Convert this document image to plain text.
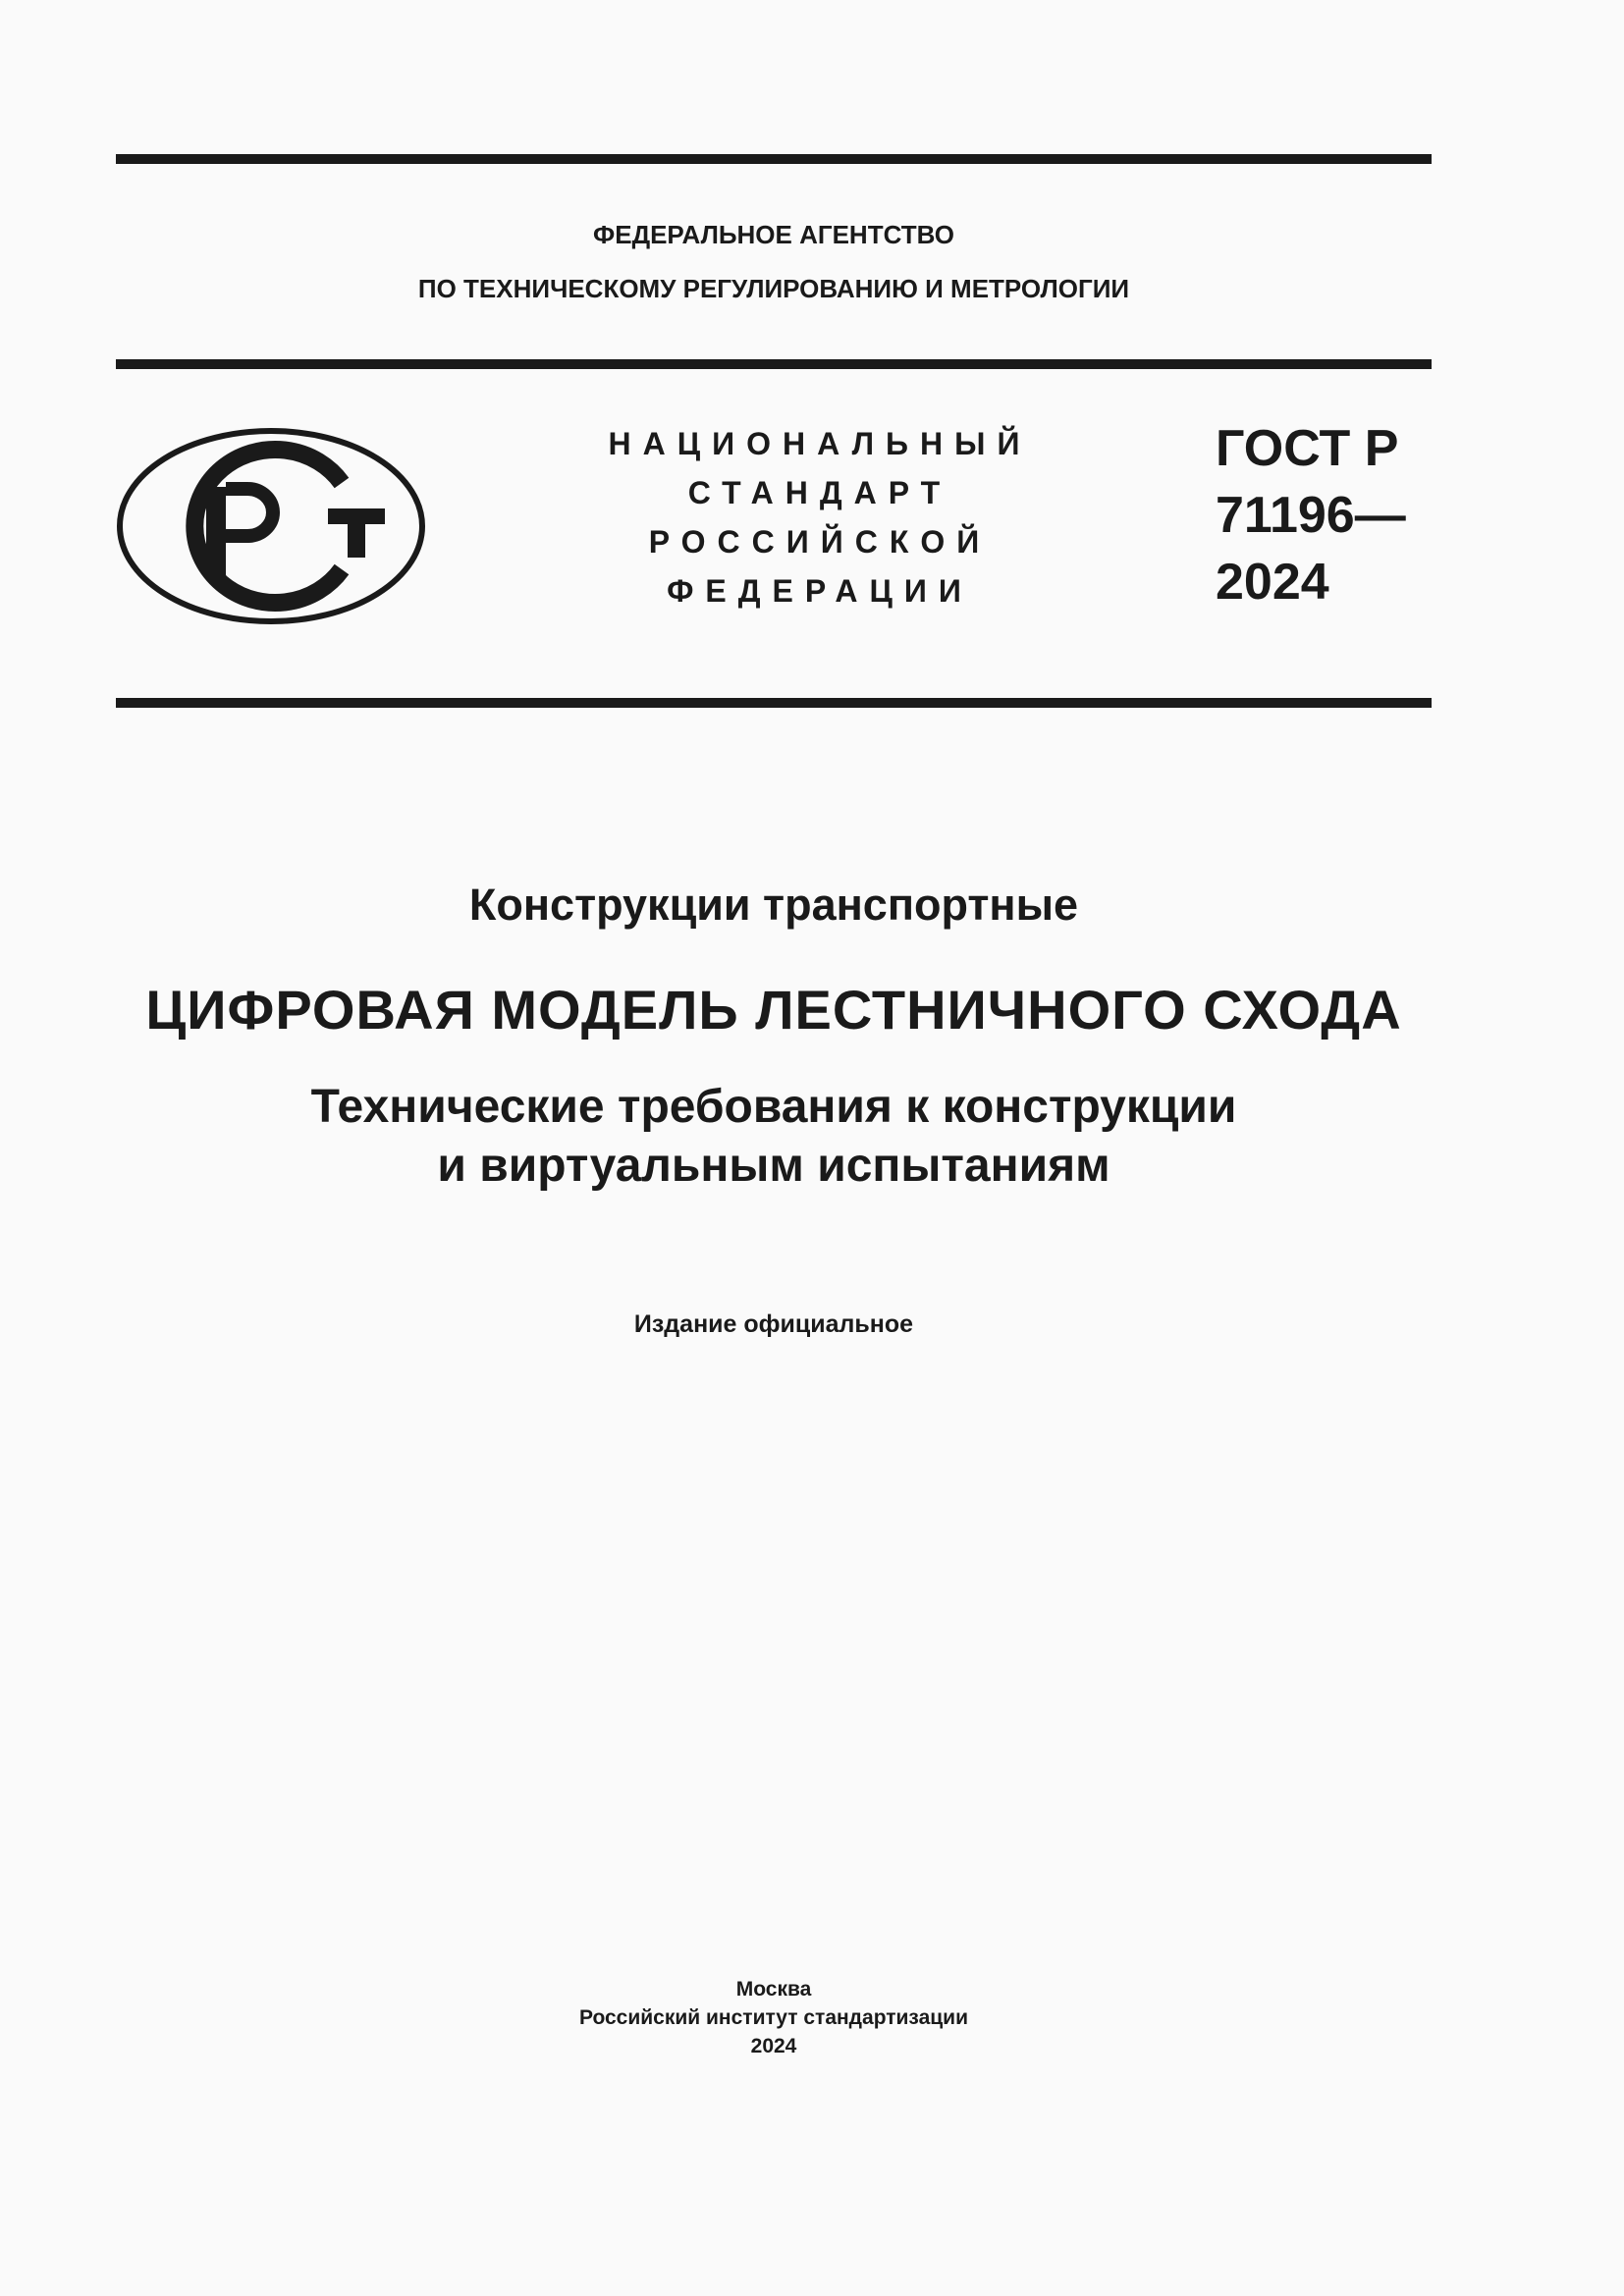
ФЕДЕРАЛЬНОЕ АГЕНТСТВО
ПО ТЕХНИЧЕСКОМУ РЕГУЛИРОВАНИЮ И МЕТРОЛОГИИ
НАЦИОНАЛЬНЫЙ
СТАНДАРТ
РОССИЙСКОЙ
ФЕДЕРАЦИИ
ГОСТ Р
71196—
2024
Конструкции транспортные
ЦИФРОВАЯ МОДЕЛЬ ЛЕСТНИЧНОГО СХОДА
Технические требования к конструкции
и виртуальным испытаниям
Издание официальное
Москва
Российский институт стандартизации
2024
